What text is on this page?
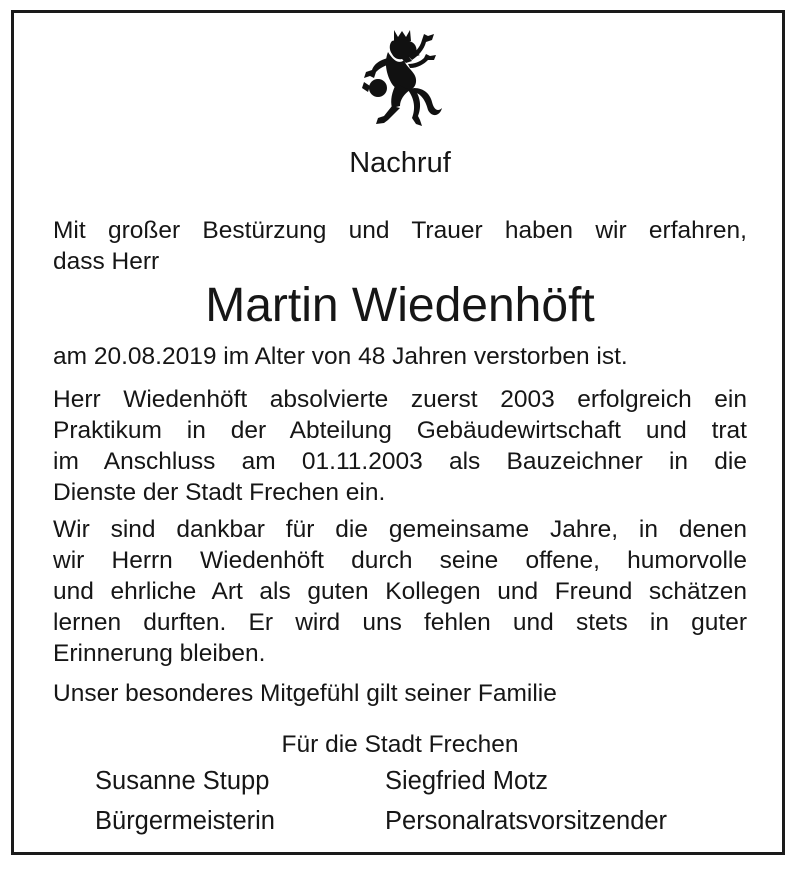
Nachruf
Mit großer Bestürzung und Trauer haben wir erfahren,
dass Herr
Martin Wiedenhöft

am 20.08.2019 im Alter von 48 Jahren verstorben ist.

Herr Wiedenhöft absolvierte zuerst 2003 erfolgreich ein
Praktikum in der Abteilung Gebäudewirtschaft und trat
im Anschluss am 01.11.2003 als Bauzeichner in die
Dienste der Stadt Frechen ein.

Wir sind dankbar für die gemeinsame Jahre, in denen
wir Herrn Wiedenhöft durch seine offene, humorvolle
und ehrliche Art als guten Kollegen und Freund schätzen
lernen durften. Er wird uns fehlen und stets in guter
Erinnerung bleiben.

Unser besonderes Mitgefühl gilt seiner Familie

Für die Stadt Frechen
Susanne Stupp
Bürgermeisterin
Siegfried Motz
Personalratsvorsitzender
